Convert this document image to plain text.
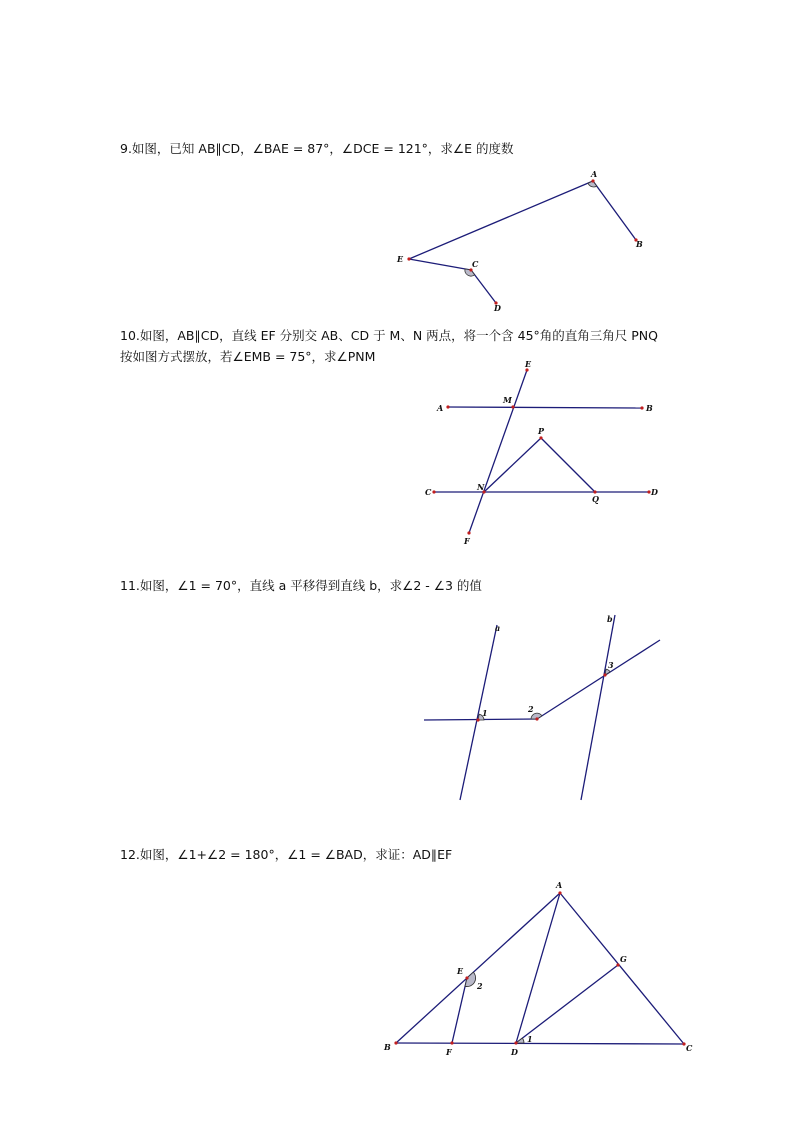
9.如图，已知 AB∥CD，∠BAE = 87°，∠DCE = 121°，求∠E 的度数
10.如图，AB∥CD，直线 EF 分别交 AB、CD 于 M、N 两点，将一个含 45°角的直角三角尺 PNQ
按如图方式摆放，若∠EMB = 75°，求∠PNM
11.如图，∠1 = 70°，直线 a 平移得到直线 b，求∠2 - ∠3 的值
12.如图，∠1+∠2 = 180°，∠1 = ∠BAD，求证：AD∥EF
A
B
E	C
D
E
A	B
M
P
C	N
Q
D
F
a
b
1	2
3
A
G
E
2
B	F	D
1
C
